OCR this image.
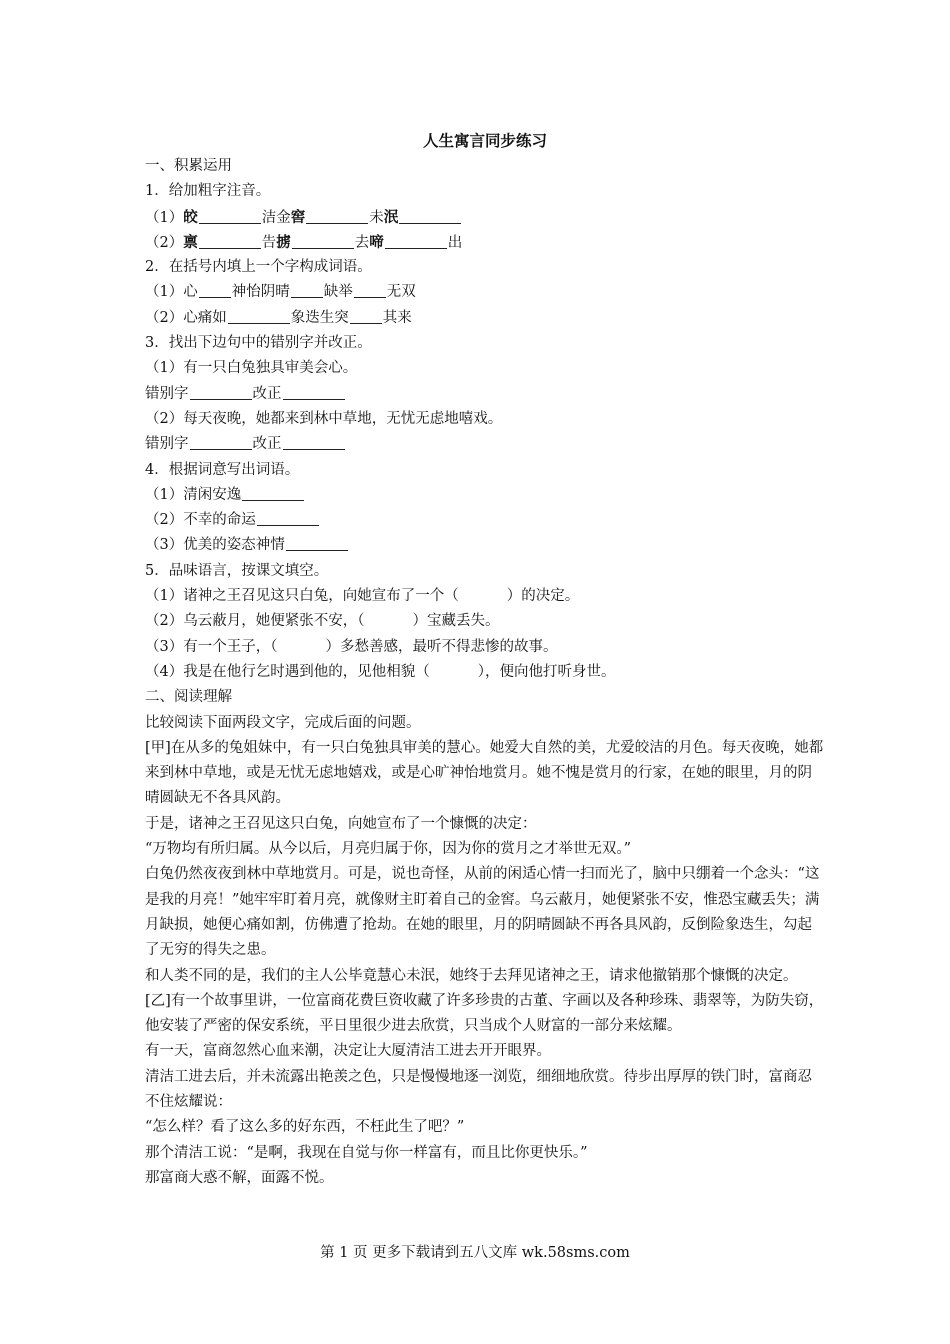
人生寓言同步练习
一、积累运用
1．给加粗字注音。
（1）皎	洁金窖	未泯
（2）禀	告掳	去啼	出
2．在括号内填上一个字构成词语。
（1）心 神怡阴晴 缺举 无双
（2）心痛如	象迭生突 其来
3．找出下边句中的错别字并改正。
（1）有一只白兔独具审美会心。
错别字	改正
（2）每天夜晚，她都来到林中草地，无忧无虑地嘻戏。
错别字	改正
4．根据词意写出词语。
（1）清闲安逸
（2）不幸的命运
（3）优美的姿态神情
5．品味语言，按课文填空。
（1）诸神之王召见这只白兔，向她宣布了一个（	）的决定。
（2）乌云蔽月，她便紧张不安，（	）宝藏丢失。
（3）有一个王子，（	）多愁善感，最听不得悲惨的故事。
（4）我是在他行乞时遇到他的，见他相貌（	），便向他打听身世。
二、阅读理解
比较阅读下面两段文字，完成后面的问题。
[甲]在从多的兔姐妹中，有一只白兔独具审美的慧心。她爱大自然的美，尤爱皎洁的月色。每天夜晚，她都来到林中草地，或是无忧无虑地嬉戏，或是心旷神怡地赏月。她不愧是赏月的行家，在她的眼里，月的阴晴圆缺无不各具风韵。
于是，诸神之王召见这只白兔，向她宣布了一个慷慨的决定：
“万物均有所归属。从今以后，月亮归属于你，因为你的赏月之才举世无双。”
白兔仍然夜夜到林中草地赏月。可是，说也奇怪，从前的闲适心情一扫而光了，脑中只绷着一个念头：“这是我的月亮！”她牢牢盯着月亮，就像财主盯着自己的金窖。乌云蔽月，她便紧张不安，惟恐宝藏丢失；满月缺损，她便心痛如割，仿佛遭了抢劫。在她的眼里，月的阴晴圆缺不再各具风韵，反倒险象迭生，勾起了无穷的得失之患。
和人类不同的是，我们的主人公毕竟慧心未泯，她终于去拜见诸神之王，请求他撤销那个慷慨的决定。
[乙]有一个故事里讲，一位富商花费巨资收藏了许多珍贵的古董、字画以及各种珍珠、翡翠等，为防失窃，他安装了严密的保安系统，平日里很少进去欣赏，只当成个人财富的一部分来炫耀。
有一天，富商忽然心血来潮，决定让大厦清洁工进去开开眼界。
清洁工进去后，并未流露出艳羡之色，只是慢慢地逐一浏览，细细地欣赏。待步出厚厚的铁门时，富商忍不住炫耀说：
“怎么样？看了这么多的好东西，不枉此生了吧？”
那个清洁工说：“是啊，我现在自觉与你一样富有，而且比你更快乐。”
那富商大惑不解，面露不悦。
第 1 页 更多下载请到五八文库 wk.58sms.com
